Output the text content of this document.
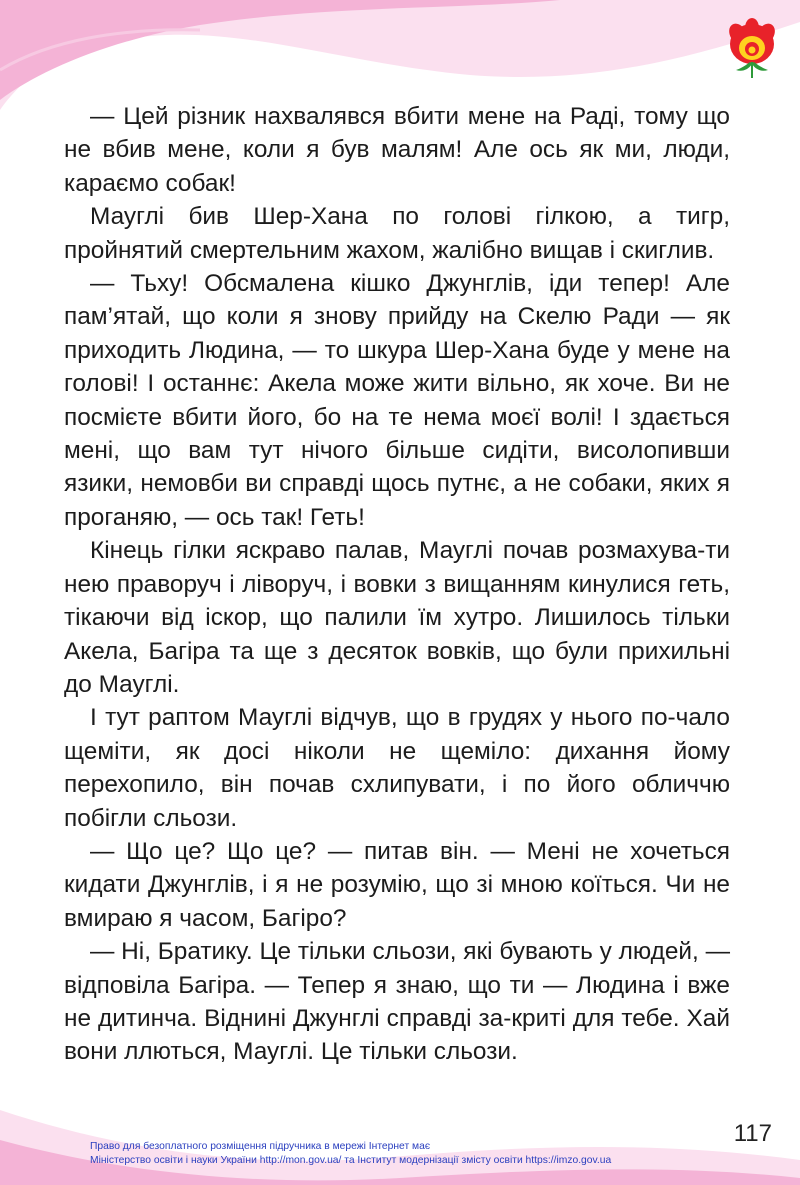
— Цей різник нахвалявся вбити мене на Раді, тому що не вбив мене, коли я був малям! Але ось як ми, люди, караємо собак!

Мауглі бив Шер-Хана по голові гілкою, а тигр, пройнятий смертельним жахом, жалібно вищав і скиглив.

— Тьху! Обсмалена кішко Джунглів, іди тепер! Але пам’ятай, що коли я знову прийду на Скелю Ради — як приходить Людина, — то шкура Шер-Хана буде у мене на голові! І останнє: Акела може жити вільно, як хоче. Ви не посмієте вбити його, бо на те нема моєї волі! І здається мені, що вам тут нічого більше сидіти, висолопивши язики, немовби ви справді щось путнє, а не собаки, яких я проганяю, — ось так! Геть!

Кінець гілки яскраво палав, Мауглі почав розмахува-ти нею праворуч і ліворуч, і вовки з вищанням кинулися геть, тікаючи від іскор, що палили їм хутро. Лишилось тільки Акела, Багіра та ще з десяток вовків, що були прихильні до Мауглі.

І тут раптом Мауглі відчув, що в грудях у нього по-чало щеміти, як досі ніколи не щеміло: дихання йому перехопило, він почав схлипувати, і по його обличчю побігли сльози.

— Що це? Що це? — питав він. — Мені не хочеться кидати Джунглів, і я не розумію, що зі мною коїться. Чи не вмираю я часом, Багіро?

— Ні, Братику. Це тільки сльози, які бувають у людей, — відповіла Багіра. — Тепер я знаю, що ти — Людина і вже не дитинча. Віднині Джунглі справді за-криті для тебе. Хай вони ллються, Мауглі. Це тільки сльози.

117
Право для безоплатного розміщення підручника в мережі Інтернет має
Міністерство освіти і науки України http://mon.gov.ua/ та Інститут модернізації змісту освіти https://imzo.gov.ua
